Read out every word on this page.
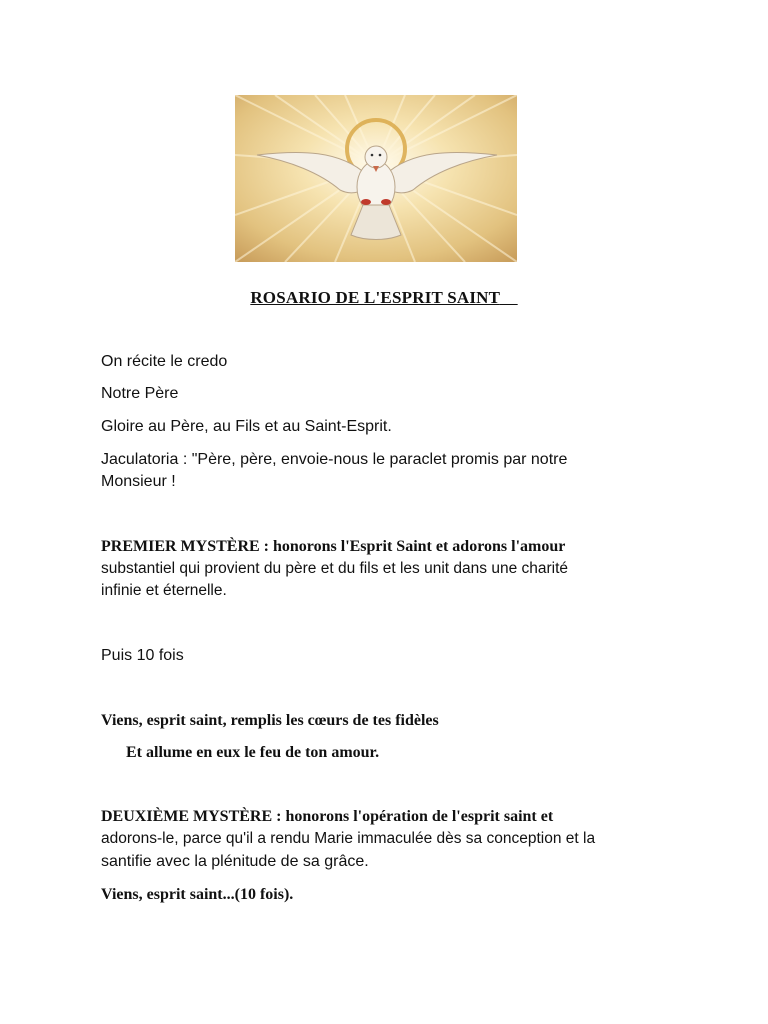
ROSARIO DE L'ESPRIT SAINT
On récite le credo
Notre Père
Gloire au Père, au Fils et au Saint-Esprit.
Jaculatoria : "Père, père, envoie-nous le paraclet promis par notre
Monsieur !
PREMIER MYSTÈRE : honorons l'Esprit Saint et adorons l'amour
substantiel qui provient du père et du fils et les unit dans une charité
infinie et éternelle.
Puis 10 fois
Viens, esprit saint, remplis les cœurs de tes fidèles
Et allume en eux le feu de ton amour.
DEUXIÈME MYSTÈRE : honorons l'opération de l'esprit saint et
adorons-le, parce qu'il a rendu Marie immaculée dès sa conception et la
santifie avec la plénitude de sa grâce.
Viens, esprit saint...(10 fois).
